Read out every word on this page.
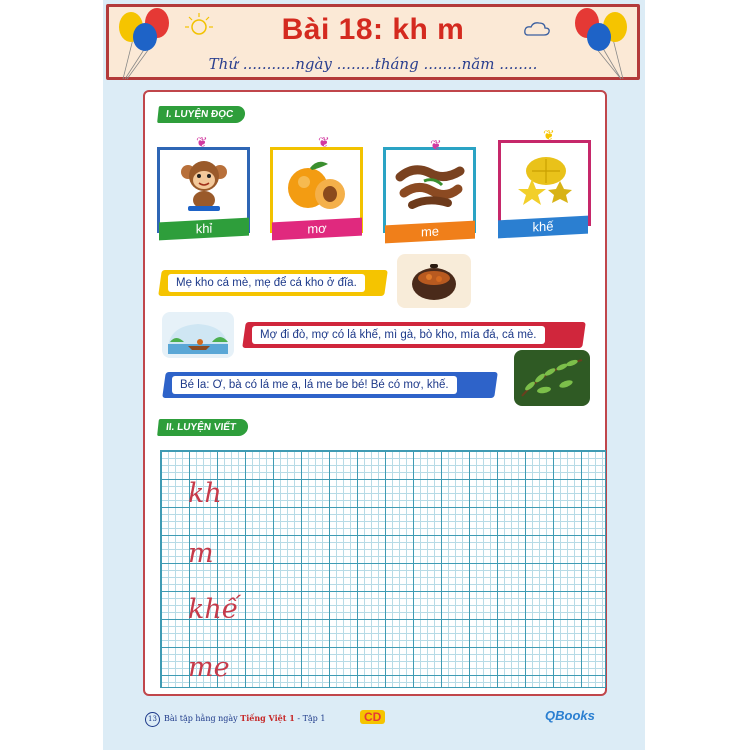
Bài 18: kh m
Thứ ...........ngày ........tháng ........năm ........
I. LUYỆN ĐỌC
khỉ
❦
mơ
❦
me
❦
khế
❦
Mẹ kho cá mè, mẹ để cá kho ở đĩa.
Mợ đi đò, mợ có lá khế, mì gà, bò kho, mía đá, cá mè.
Bé la: Ơ, bà có lá me ạ, lá me be bé! Bé có mơ, khế.
II. LUYỆN VIẾT
kh
m
khế
me
13 Bài tập hằng ngày Tiếng Việt 1 - Tập 1	CD	QBooks
